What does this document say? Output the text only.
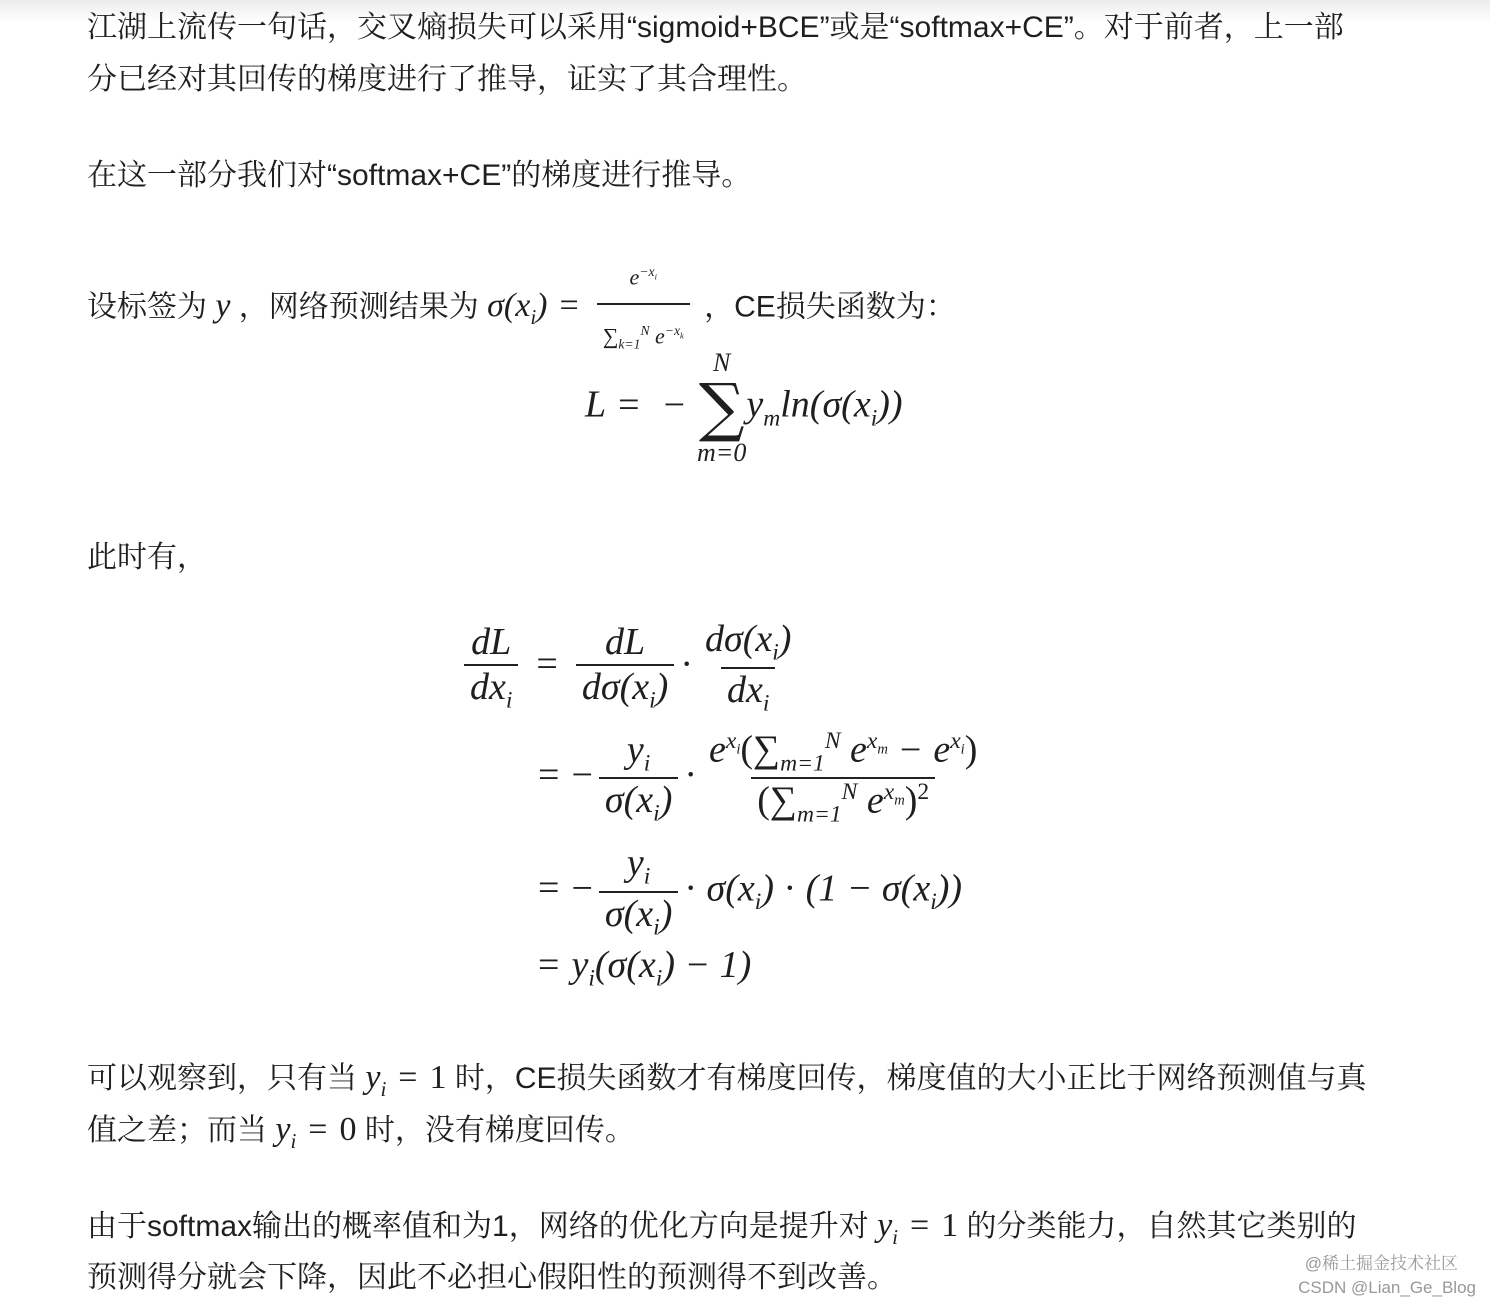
江湖上流传一句话，交叉熵损失可以采用“sigmoid+BCE”或是“softmax+CE”。对于前者，上一部
分已经对其回传的梯度进行了推导，证实了其合理性。
在这一部分我们对“softmax+CE”的梯度进行推导。
设标签为 y ，网络预测结果为 $\sigma(x_i) = \frac{e^{-x_i}}{\sum_{k=1}^N e^{-x_k}}$ ，CE损失函数为：
L = −
N
∑
m=0
$y_m\ln(\sigma(x_i))$
此时有，
$\frac{dL}{dx_i} = \frac{dL}{d\sigma(x_i)} \cdot \frac{d\sigma(x_i)}{dx_i}$
= − $\frac{y_i}{\sigma(x_i)} \cdot \frac{e^{x_i}(\sum_{m=1}^N e^{x_m} - e^{x_i})}{(\sum_{m=1}^N e^{x_m})^2}$
= − $\frac{y_i}{\sigma(x_i)} \cdot \sigma(x_i) \cdot (1 - \sigma(x_i))$
= $y_i(\sigma(x_i) - 1)$
可以观察到，只有当 $y_i = 1$ 时，CE损失函数才有梯度回传，梯度值的大小正比于网络预测值与真
值之差；而当 $y_i = 0$ 时，没有梯度回传。
由于softmax输出的概率值和为1，网络的优化方向是提升对 $y_i = 1$ 的分类能力，自然其它类别的
预测得分就会下降，因此不必担心假阳性的预测得不到改善。	@稀土掘金技术社区
CSDN @Lian_Ge_Blog
